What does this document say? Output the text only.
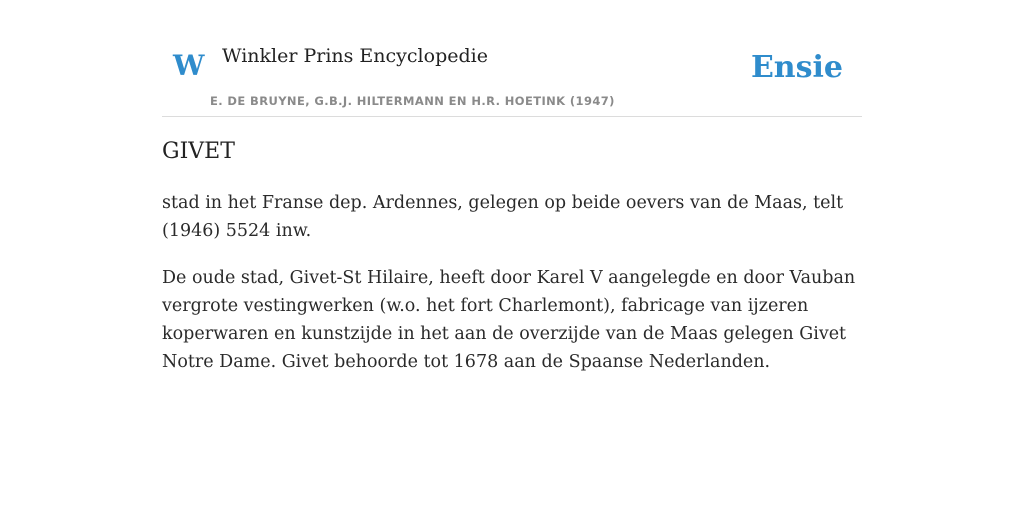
W Winkler Prins Encyclopedie
E. DE BRUYNE, G.B.J. HILTERMANN EN H.R. HOETINK (1947)
Ensie
GIVET

stad in het Franse dep. Ardennes, gelegen op beide oevers van de Maas, telt (1946) 5524 inw.

De oude stad, Givet-St Hilaire, heeft door Karel V aangelegde en door Vauban vergrote vestingwerken (w.o. het fort Charlemont), fabricage van ijzeren koperwaren en kunstzijde in het aan de overzijde van de Maas gelegen Givet Notre Dame. Givet behoorde tot 1678 aan de Spaanse Nederlanden.
